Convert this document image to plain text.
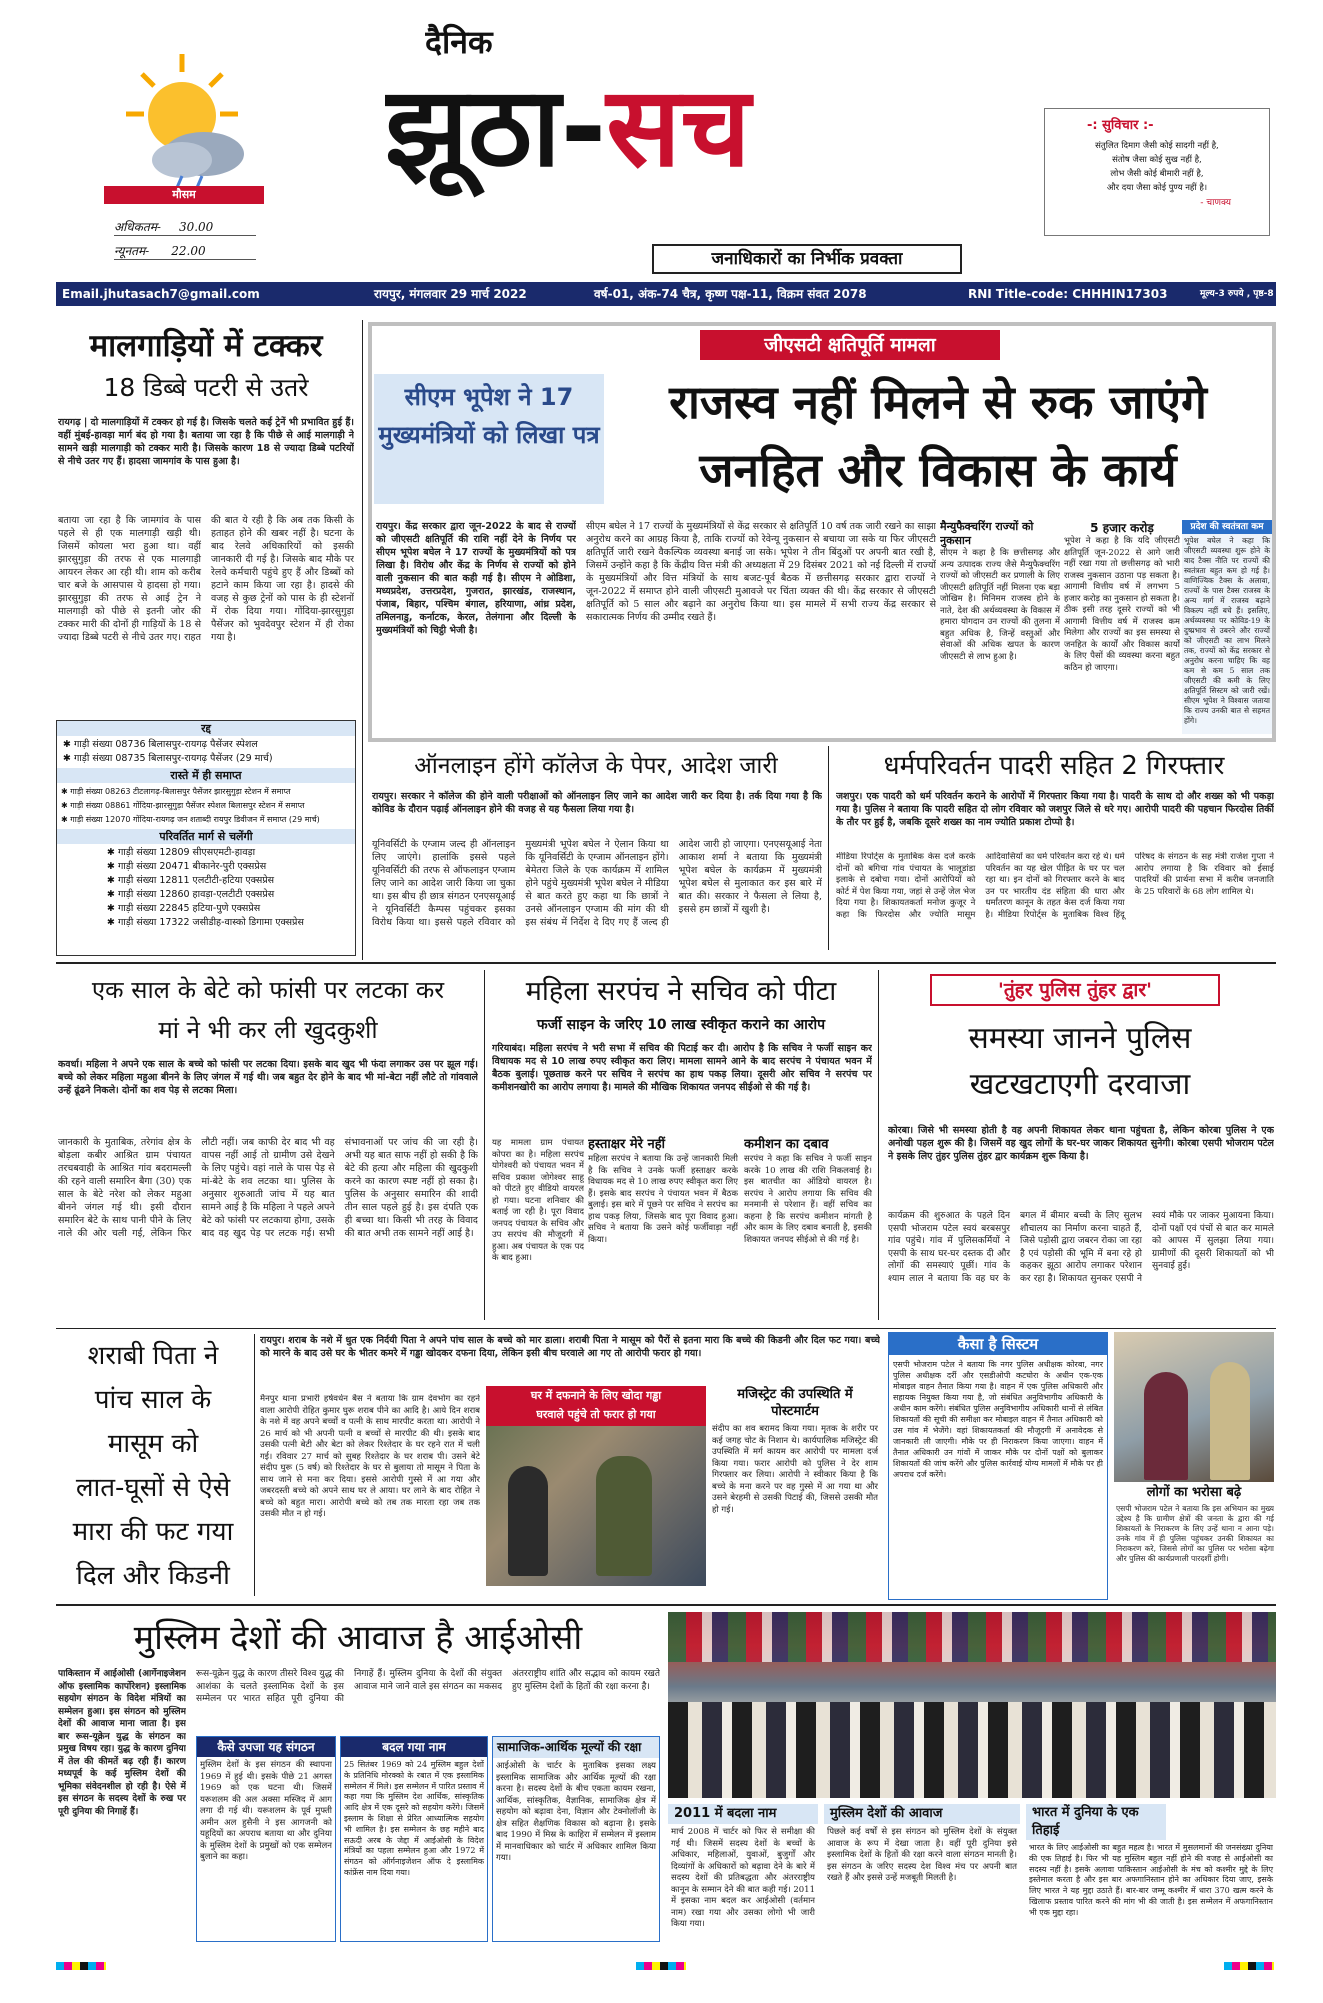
मौसम
अधिकतम- 30.00
न्यूनतम- 22.00
दैनिक
झूठा-सच
जनाधिकारों का निर्भीक प्रवक्ता
-: सुविचार :-
संतुलित दिमाग जैसी कोई सादगी नहीं है,
संतोष जैसा कोई सुख नहीं है,
लोभ जैसी कोई बीमारी नहीं है,
और दया जैसा कोई पुण्य नहीं है।
- चाणक्य
Email.jhutasach7@gmail.com	रायपुर, मंगलवार 29 मार्च 2022	वर्ष-01, अंक-74 चैत्र, कृष्ण पक्ष-11, विक्रम संवत 2078	RNI Title-code: CHHHIN17303	मूल्य-3 रुपये , पृष्ठ-8
मालगाड़ियों में टक्कर
18 डिब्बे पटरी से उतरे
रायगढ़ | दो मालगाड़ियों में टक्कर हो गई है। जिसके चलते कई ट्रेनें भी प्रभावित हुई हैं। वहीं मुंबई-हावड़ा मार्ग बंद हो गया है। बताया जा रहा है कि पीछे से आई मालगाड़ी ने सामने खड़ी मालगाड़ी को टक्कर मारी है। जिसके कारण 18 से ज्यादा डिब्बे पटरियों से नीचे उतर गए हैं। हादसा जामगांव के पास हुआ है।
बताया जा रहा है कि जामगांव के पास पहले से ही एक मालगाड़ी खड़ी थी। जिसमें कोयला भरा हुआ था। वहीं झारसुगुड़ा की तरफ से एक मालगाड़ी आयरन लेकर आ रही थी। शाम को करीब चार बजे के आसपास ये हादसा हो गया। झारसुगुड़ा की तरफ से आई ट्रेन ने मालगाड़ी को पीछे से इतनी जोर की टक्कर मारी की दोनों ही गाड़ियों के 18 से ज्यादा डिब्बे पटरी से नीचे उतर गए। राहत की बात ये रही है कि अब तक किसी के हताहत होने की खबर नहीं है। घटना के बाद रेलवे अधिकारियों को इसकी जानकारी दी गई है। जिसके बाद मौके पर रेलवे कर्मचारी पहुंचे हुए हैं और डिब्बों को हटाने काम किया जा रहा है। हादसे की वजह से कुछ ट्रेनों को पास के ही स्टेशनों में रोक दिया गया। गोंदिया-झारसुगुड़ा पैसेंजर को भुवदेवपुर स्टेशन में ही रोका गया है।
रद्द
✱ गाड़ी संख्या 08736 बिलासपुर-रायगढ़ पैसेंजर स्पेशल
✱ गाड़ी संख्या 08735 बिलासपुर-रायगढ़ पैसेंजर (29 मार्च)
रास्ते में ही समाप्त
✱ गाड़ी संख्या 08263 टीटलागढ़-बिलासपुर पैसेंजर झारसुगुड़ा स्टेशन में समाप्त
✱ गाड़ी संख्या 08861 गोंदिया-झारसुगुड़ा पैसेंजर स्पेशल बिलासपुर स्टेशन में समाप्त
✱ गाड़ी संख्या 12070 गोंदिया-रायगढ़ जन शताब्दी रायपुर डिवीजन में समाप्त (29 मार्च)
परिवर्तित मार्ग से चलेंगी
✱ गाड़ी संख्या 12809 सीएसएमटी-हावड़ा
✱ गाड़ी संख्या 20471 बीकानेर-पुरी एक्सप्रेस
✱ गाड़ी संख्या 12811 एलटीटी-हटिया एक्सप्रेस
✱ गाड़ी संख्या 12860 हावड़ा-एलटीटी एक्सप्रेस
✱ गाड़ी संख्या 22845 हटिया-पुणे एक्सप्रेस
✱ गाड़ी संख्या 17322 जसीडीह-वास्को डिगामा एक्सप्रेस
जीएसटी क्षतिपूर्ति मामला
सीएम भूपेश ने 17 मुख्यमंत्रियों को लिखा पत्र
राजस्व नहीं मिलने से रुक जाएंगे
जनहित और विकास के कार्य
रायपुर। केंद्र सरकार द्वारा जून-2022 के बाद से राज्यों को जीएसटी क्षतिपूर्ति की राशि नहीं देने के निर्णय पर सीएम भूपेश बघेल ने 17 राज्यों के मुख्यमंत्रियों को पत्र लिखा है। विरोध और केंद्र के निर्णय से राज्यों को होने वाली नुकसान की बात कही गई है। सीएम ने ओडिशा, मध्यप्रदेश, उत्तरप्रदेश, गुजरात, झारखंड, राजस्थान, पंजाब, बिहार, पश्चिम बंगाल, हरियाणा, आंध्र प्रदेश, तमिलनाडु, कर्नाटक, केरल, तेलंगाना और दिल्ली के मुख्यमंत्रियों को चिट्ठी भेजी है।
सीएम बघेल ने 17 राज्यों के मुख्यमंत्रियों से केंद्र सरकार से क्षतिपूर्ति 10 वर्ष तक जारी रखने का साझा अनुरोध करने का आग्रह किया है, ताकि राज्यों को रेवेन्यू नुकसान से बचाया जा सके या फिर जीएसटी क्षतिपूर्ति जारी रखने वैकल्पिक व्यवस्था बनाई जा सके। भूपेश ने तीन बिंदुओं पर अपनी बात रखी है, जिसमें उन्होंने कहा है कि केंद्रीय वित्त मंत्री की अध्यक्षता में 29 दिसंबर 2021 को नई दिल्ली में राज्यों के मुख्यमंत्रियों और वित्त मंत्रियों के साथ बजट-पूर्व बैठक में छत्तीसगढ़ सरकार द्वारा राज्यों ने जून-2022 में समाप्त होने वाली जीएसटी मुआवजे पर चिंता व्यक्त की थी। केंद्र सरकार से जीएसटी क्षतिपूर्ति को 5 साल और बढ़ाने का अनुरोध किया था। इस मामले में सभी राज्य केंद्र सरकार से सकारात्मक निर्णय की उम्मीद रखते हैं।
मैन्युफैक्चरिंग राज्यों को नुकसान
सीएम ने कहा है कि छत्तीसगढ़ और अन्य उत्पादक राज्य जैसे मैन्युफैक्चरिंग राज्यों को जीएसटी कर प्रणाली के लिए जीएसटी क्षतिपूर्ति नहीं मिलना एक बड़ा जोखिम है। मिनिमम राजस्व होने के नाते, देश की अर्थव्यवस्था के विकास में हमारा योगदान उन राज्यों की तुलना में बहुत अधिक है, जिन्हें वस्तुओं और सेवाओं की अधिक खपत के कारण जीएसटी से लाभ हुआ है।
5 हजार करोड़
भूपेश ने कहा है कि यदि जीएसटी क्षतिपूर्ति जून-2022 से आगे जारी नहीं रखा गया तो छत्तीसगढ़ को भारी राजस्व नुकसान उठाना पड़ सकता है। आगामी वित्तीय वर्ष में लगभग 5 हजार करोड़ का नुकसान हो सकता है। ठीक इसी तरह दूसरे राज्यों को भी आगामी वित्तीय वर्ष में राजस्व कम मिलेगा और राज्यों का इस समस्या से जनहित के कार्यों और विकास कार्यों के लिए पैसों की व्यवस्था करना बहुत कठिन हो जाएगा।
प्रदेश की स्वतंत्रता कम
भूपेश बघेल ने कहा कि जीएसटी व्यवस्था शुरू होने के बाद टैक्स नीति पर राज्यों की स्वतंत्रता बहुत कम हो गई है। वाणिज्यिक टैक्स के अलावा, राज्यों के पास टैक्स राजस्व के अन्य मार्ग में राजस्व बढ़ाने विकल्प नहीं बचे हैं। इसलिए, अर्थव्यवस्था पर कोविड-19 के दुष्प्रभाव से उबरने और राज्यों को जीएसटी का लाभ मिलने तक, राज्यों को केंद्र सरकार से अनुरोध करना चाहिए कि वह कम से कम 5 साल तक जीएसटी की कमी के लिए क्षतिपूर्ति सिस्टम को जारी रखें। सीएम भूपेश ने विश्वास जताया कि राज्य उनकी बात से सहमत होंगे।
ऑनलाइन होंगे कॉलेज के पेपर, आदेश जारी
रायपुर। सरकार ने कॉलेज की होने वाली परीक्षाओं को ऑनलाइन लिए जाने का आदेश जारी कर दिया है। तर्क दिया गया है कि कोविड के दौरान पढ़ाई ऑनलाइन होने की वजह से यह फैसला लिया गया है।
यूनिवर्सिटी के एग्जाम जल्द ही ऑनलाइन लिए जाएंगे। हालांकि इससे पहले यूनिवर्सिटी की तरफ से ऑफलाइन एग्जाम लिए जाने का आदेश जारी किया जा चुका था। इस बीच ही छात्र संगठन एनएसयूआई ने यूनिवर्सिटी कैम्पस पहुंचकर इसका विरोध किया था। इससे पहले रविवार को मुख्यमंत्री भूपेश बघेल ने ऐलान किया था कि यूनिवर्सिटी के एग्जाम ऑनलाइन होंगे। बेमेतरा जिले के एक कार्यक्रम में शामिल होने पहुंचे मुख्यमंत्री भूपेश बघेल ने मीडिया से बात करते हुए कहा था कि छात्रों ने उनसे ऑनलाइन एग्जाम की मांग की थी इस संबंध में निर्देश दे दिए गए हैं जल्द ही आदेश जारी हो जाएगा। एनएसयूआई नेता आकाश शर्मा ने बताया कि मुख्यमंत्री भूपेश बघेल के कार्यक्रम में मुख्यमंत्री भूपेश बघेल से मुलाकात कर इस बारे में बात की। सरकार ने फैसला ले लिया है, इससे हम छात्रों में खुशी है।
धर्मपरिवर्तन पादरी सहित 2 गिरफ्तार
जशपुर। एक पादरी को धर्म परिवर्तन कराने के आरोपों में गिरफ्तार किया गया है। पादरी के साथ दो और शख्स को भी पकड़ा गया है। पुलिस ने बताया कि पादरी सहित दो लोग रविवार को जशपुर जिले से धरे गए। आरोपी पादरी की पहचान फिरदोस तिर्की के तौर पर हुई है, जबकि दूसरे शख्स का नाम ज्योति प्रकाश टोप्पो है।
मीडिया रिपोर्ट्स के मुताबिक केस दर्ज करके दोनों को बगिचा गांव पंचायत के भालूडांडा इलाके से दबोचा गया। दोनों आरोपियों को कोर्ट में पेश किया गया, जहां से उन्हें जेल भेज दिया गया है। शिकायतकर्ता मनोज कुजूर ने कहा कि फिरदोस और ज्योति मासूम आदिवासियों का धर्म परिवर्तन करा रहे थे। धर्म परिवर्तन का यह खेल पीड़ित के घर पर चल रहा था। इन दोनों को गिरफ्तार करने के बाद उन पर भारतीय दंड संहिता की धारा और धर्मांतरण कानून के तहत केस दर्ज किया गया है। मीडिया रिपोर्ट्स के मुताबिक विश्व हिंदू परिषद के संगठन के सह मंत्री राजेश गुप्ता ने आरोप लगाया है कि रविवार को ईसाई पादरियों की प्रार्थना सभा में करीब जनजाति के 25 परिवारों के 68 लोग शामिल थे।
एक साल के बेटे को फांसी पर लटका कर
मां ने भी कर ली खुदकुशी
कवर्धा। महिला ने अपने एक साल के बच्चे को फांसी पर लटका दिया। इसके बाद खुद भी फंदा लगाकर उस पर झूल गई। बच्चे को लेकर महिला महुआ बीनने के लिए जंगल में गई थी। जब बहुत देर होने के बाद भी मां-बेटा नहीं लौटे तो गांववाले उन्हें ढूंढने निकले। दोनों का शव पेड़ से लटका मिला।
जानकारी के मुताबिक, तरेगांव क्षेत्र के बोड़ला कबीर आश्रित ग्राम पंचायत तरचबवाही के आश्रित गांव बदरामल्ली की रहने वाली समारिन बैगा (30) एक साल के बेटे नरेश को लेकर महुआ बीनने जंगल गई थी। इसी दौरान समारिन बेटे के साथ पानी पीने के लिए नाले की ओर चली गई, लेकिन फिर लौटी नहीं। जब काफी देर बाद भी वह वापस नहीं आई तो ग्रामीण उसे देखने के लिए पहुंचे। वहां नाले के पास पेड़ से मां-बेटे के शव लटका था। पुलिस के अनुसार शुरुआती जांच में यह बात सामने आई है कि महिला ने पहले अपने बेटे को फांसी पर लटकाया होगा, उसके बाद वह खुद पेड़ पर लटक गई। सभी संभावनाओं पर जांच की जा रही है। अभी यह बात साफ नहीं हो सकी है कि बेटे की हत्या और महिला की खुदकुशी करने का कारण स्पष्ट नहीं हो सका है। पुलिस के अनुसार समारिन की शादी तीन साल पहले हुई है। इस दंपति एक ही बच्चा था। किसी भी तरह के विवाद की बात अभी तक सामने नहीं आई है।
महिला सरपंच ने सचिव को पीटा
फर्जी साइन के जरिए 10 लाख स्वीकृत कराने का आरोप
गरियाबंद। महिला सरपंच ने भरी सभा में सचिव की पिटाई कर दी। आरोप है कि सचिव ने फर्जी साइन कर विधायक मद से 10 लाख रुपए स्वीकृत करा लिए। मामला सामने आने के बाद सरपंच ने पंचायत भवन में बैठक बुलाई। पूछताछ करने पर सचिव ने सरपंच का हाथ पकड़ लिया। दूसरी ओर सचिव ने सरपंच पर कमीशनखोरी का आरोप लगाया है। मामले की मौखिक शिकायत जनपद सीईओ से की गई है।
यह मामला ग्राम पंचायत कोपरा का है। महिला सरपंच योगेश्वरी को पंचायत भवन में सचिव प्रकाश जोगेश्वर साहू को पीटते हुए वीडियो वायरल हो गया। घटना शनिवार की बताई जा रही है। पूरा विवाद जनपद पंचायत के सचिव और उप सरपंच की मौजूदगी में हुआ। अब पंचायत के एक पद के बाद हुआ।
हस्ताक्षर मेरे नहीं
महिला सरपंच ने बताया कि उन्हें जानकारी मिली है कि सचिव ने उनके फर्जी हस्ताक्षर करके विधायक मद से 10 लाख रुपए स्वीकृत करा लिए हैं। इसके बाद सरपंच ने पंचायत भवन में बैठक बुलाई। इस बारे में पूछने पर सचिव ने सरपंच का हाथ पकड़ लिया, जिसके बाद पूरा विवाद हुआ। सचिव ने बताया कि उसने कोई फर्जीवाड़ा नहीं किया।
कमीशन का दबाव
सरपंच ने कहा कि सचिव ने फर्जी साइन करके 10 लाख की राशि निकलवाई है। इस बातचीत का ऑडियो वायरल है। सरपंच ने आरोप लगाया कि सचिव की मनमानी से परेशान हैं। वहीं सचिव का कहना है कि सरपंच कमीशन मांगती है और काम के लिए दबाव बनाती है, इसकी शिकायत जनपद सीईओ से की गई है।
'तुंहर पुलिस तुंहर द्वार'
समस्या जानने पुलिस
खटखटाएगी दरवाजा
कोरबा। जिसे भी समस्या होती है वह अपनी शिकायत लेकर थाना पहुंचता है, लेकिन कोरबा पुलिस ने एक अनोखी पहल शुरू की है। जिसमें वह खुद लोगों के घर-घर जाकर शिकायत सुनेगी। कोरबा एसपी भोजराम पटेल ने इसके लिए तुंहर पुलिस तुंहर द्वार कार्यक्रम शुरू किया है।
कार्यक्रम की शुरुआत के पहले दिन एसपी भोजराम पटेल स्वयं बरबसपुर गांव पहुंचे। गांव में पुलिसकर्मियों ने एसपी के साथ घर-घर दस्तक दी और लोगों की समस्याएं पूछीं। गांव के श्याम लाल ने बताया कि वह घर के बगल में बीमार बच्ची के लिए सुलभ शौचालय का निर्माण करना चाहते हैं, जिसे पड़ोसी द्वारा जबरन रोका जा रहा है एवं पड़ोसी की भूमि में बना रहे हो कहकर झूठा आरोप लगाकर परेशान कर रहा है। शिकायत सुनकर एसपी ने स्वयं मौके पर जाकर मुआयना किया। दोनों पक्षों एवं पंचों से बात कर मामले को आपस में सुलझा लिया गया। ग्रामीणों की दूसरी शिकायतों को भी सुनवाई हुई।
शराबी पिता ने
पांच साल के
मासूम को
लात-घूसों से ऐसे
मारा की फट गया
दिल और किडनी
रायपुर। शराब के नशे में धुत एक निर्दयी पिता ने अपने पांच साल के बच्चे को मार डाला। शराबी पिता ने मासूम को पैरों से इतना मारा कि बच्चे की किडनी और दिल फट गया। बच्चे को मारने के बाद उसे घर के भीतर कमरे में गड्ढा खोदकर दफना दिया, लेकिन इसी बीच घरवाले आ गए तो आरोपी फरार हो गया।
मैनपुर थाना प्रभारी हर्षवर्धन बैस ने बताया कि ग्राम देवभोग का रहने वाला आरोपी रोहित कुमार घुरू शराब पीने का आदि है। आये दिन शराब के नशे में वह अपने बच्चों व पत्नी के साथ मारपीट करता था। आरोपी ने 26 मार्च को भी अपनी पत्नी व बच्चों से मारपीट की थी। इसके बाद उसकी पत्नी बेटी और बेटा को लेकर रिश्तेदार के घर रहने रात में चली गई। रविवार 27 मार्च को सुबह रिश्तेदार के घर शराब पी। उसने बेटे संदीप घुरू (5 वर्ष) को रिश्तेदार के घर से बुलाया तो मासूम ने पिता के साथ जाने से मना कर दिया। इससे आरोपी गुस्से में आ गया और जबरदस्ती बच्चे को अपने साथ घर ले आया। घर लाने के बाद रोहित ने बच्चे को बहुत मारा। आरोपी बच्चे को तब तक मारता रहा जब तक उसकी मौत न हो गई।
घर में दफनाने के लिए खोदा गड्ढा
घरवाले पहुंचे तो फरार हो गया
मजिस्ट्रेट की उपस्थिति में पोस्टमार्टम
संदीप का शव बरामद किया गया। मृतक के शरीर पर कई जगह चोट के निशान थे। कार्यपालिक मजिस्ट्रेट की उपस्थिति में मर्ग कायम कर आरोपी पर मामला दर्ज किया गया। फरार आरोपी को पुलिस ने देर शाम गिरफ्तार कर लिया। आरोपी ने स्वीकार किया है कि बच्चे के मना करने पर वह गुस्से में आ गया था और उसने बेरहमी से उसकी पिटाई की, जिससे उसकी मौत हो गई।
कैसा है सिस्टम
एसपी भोजराम पटेल ने बताया कि नगर पुलिस अधीक्षक कोरबा, नगर पुलिस अधीक्षक दर्री और एसडीओपी कटघोरा के अधीन एक-एक मोबाइल वाहन तैनात किया गया है। वाहन में एक पुलिस अधिकारी और सहायक नियुक्त किया गया है, जो संबंधित अनुविभागीय अधिकारी के अधीन काम करेंगे। संबंधित पुलिस अनुविभागीय अधिकारी थानों से लंबित शिकायतों की सूची की समीक्षा कर मोबाइल वाहन में तैनात अधिकारी को उस गांव में भेजेंगे। वहां शिकायतकर्ता की मौजूदगी में अनावेदक से जानकारी ली जाएगी। मौके पर ही निराकरण किया जाएगा। वाहन में तैनात अधिकारी उन गांवों में जाकर मौके पर दोनों पक्षों को बुलाकर शिकायतों की जांच करेंगे और पुलिस कार्रवाई योग्य मामलों में मौके पर ही अपराध दर्ज करेंगे।
लोगों का भरोसा बढ़े
एसपी भोजराम पटेल ने बताया कि इस अभियान का मुख्य उद्देश्य है कि ग्रामीण क्षेत्रों की जनता के द्वारा की गई शिकायतों के निराकरण के लिए उन्हें थाना न आना पड़े। उनके गांव में ही पुलिस पहुंचकर उनकी शिकायत का निराकरण करे, जिससे लोगों का पुलिस पर भरोसा बढ़ेगा और पुलिस की कार्यप्रणाली पारदर्शी होगी।
मुस्लिम देशों की आवाज है आईओसी
पाकिस्तान में आईओसी (आर्गेनाइजेशन ऑफ इस्लामिक कार्पोरेशन) इस्लामिक सहयोग संगठन के विदेश मंत्रियों का सम्मेलन हुआ। इस संगठन को मुस्लिम देशों की आवाज माना जाता है। इस बार रूस-यूक्रेन युद्ध के संगठन का प्रमुख विषय रहा। युद्ध के कारण दुनिया में तेल की कीमतें बढ़ रही हैं। कारण मध्यपूर्व के कई मुस्लिम देशों की भूमिका संवेदनशील हो रही है। ऐसे में इस संगठन के सदस्य देशों के रुख पर पूरी दुनिया की निगाहें हैं।
रूस-यूक्रेन युद्ध के कारण तीसरे विश्व युद्ध की आशंका के चलते इस्लामिक देशों के इस सम्मेलन पर भारत सहित पूरी दुनिया की निगाहें हैं। मुस्लिम दुनिया के देशों की संयुक्त आवाज माने जाने वाले इस संगठन का मकसद अंतरराष्ट्रीय शांति और सद्भाव को कायम रखते हुए मुस्लिम देशों के हितों की रक्षा करना है।
कैसे उपजा यह संगठन
मुस्लिम देशों के इस संगठन की स्थापना 1969 में हुई थी। इसके पीछे 21 अगस्त 1969 को एक घटना थी। जिसमें यरूशलम की अल अक्सा मस्जिद में आग लगा दी गई थी। यरूशलम के पूर्व मुफ्ती अमीन अल हुसैनी ने इस आगजनी को यहूदियों का अपराध बताया था और दुनिया के मुस्लिम देशों के प्रमुखों को एक सम्मेलन बुलाने का कहा।
बदल गया नाम
25 सितंबर 1969 को 24 मुस्लिम बहुल देशों के प्रतिनिधि मोरक्को के रबात में एक इस्लामिक सम्मेलन में मिले। इस सम्मेलन में पारित प्रस्ताव में कहा गया कि मुस्लिम देश आर्थिक, सांस्कृतिक आदि क्षेत्र में एक दूसरे को सहयोग करेंगे। जिसमें इस्लाम के शिक्षा से प्रेरित आध्यात्मिक सहयोग भी शामिल है। इस सम्मेलन के छह महीने बाद सऊदी अरब के जेद्दा में आईओसी के विदेश मंत्रियों का पहला सम्मेलन हुआ और 1972 में संगठन को ऑर्गनाइजेशन ऑफ दे इस्लामिक कांफ्रेंस नाम दिया गया।
सामाजिक-आर्थिक मूल्यों की रक्षा
आईओसी के चार्टर के मुताबिक इसका लक्ष्य इस्लामिक सामाजिक और आर्थिक मूल्यों की रक्षा करना है। सदस्य देशों के बीच एकता कायम रखना, आर्थिक, सांस्कृतिक, वैज्ञानिक, सामाजिक क्षेत्र में सहयोग को बढ़ावा देना, विज्ञान और टेक्नोलॉजी के क्षेत्र सहित शैक्षणिक विकास को बढ़ाना है। इसके बाद 1990 में मिस्र के काहिरा में सम्मेलन में इस्लाम में मानवाधिकार को चार्टर में अधिकार शामिल किया गया।
2011 में बदला नाम
मार्च 2008 में चार्टर को फिर से समीक्षा की गई थी। जिसमें सदस्य देशों के बच्चों के अधिकार, महिलाओं, युवाओं, बुजुर्गों और दिव्यांगों के अधिकारों को बढ़ावा देने के बारे में सदस्य देशों की प्रतिबद्धता और अंतरराष्ट्रीय कानून के सम्मान देने की बात कही गई। 2011 में इसका नाम बदल कर आईओसी (वर्तमान नाम) रखा गया और उसका लोगो भी जारी किया गया।
मुस्लिम देशों की आवाज
पिछले कई वर्षों से इस संगठन को मुस्लिम देशों के संयुक्त आवाज के रूप में देखा जाता है। वहीं पूरी दुनिया इसे इस्लामिक देशों के हितों की रक्षा करने वाला संगठन मानती है। इस संगठन के जरिए सदस्य देश विश्व मंच पर अपनी बात रखते हैं और इससे उन्हें मजबूती मिलती है।
भारत में दुनिया के एक तिहाई
भारत के लिए आईओसी का बहुत महत्व है। भारत में मुसलमानों की जनसंख्या दुनिया की एक तिहाई है। फिर भी यह मुस्लिम बहुल नहीं होने की वजह से आईओसी का सदस्य नहीं है। इसके अलावा पाकिस्तान आईओसी के मंच को कश्मीर मुद्दे के लिए इस्तेमाल करता है और इस बार अफगानिस्तान होने का अधिकार दिया जाए, इसके लिए भारत ने यह मुद्दा उठाते हैं। बार-बार जम्मू कश्मीर में धारा 370 खत्म करने के खिलाफ प्रस्ताव पारित करने की मांग भी की जाती है। इस सम्मेलन में अफगानिस्तान भी एक मुद्दा रहा।
